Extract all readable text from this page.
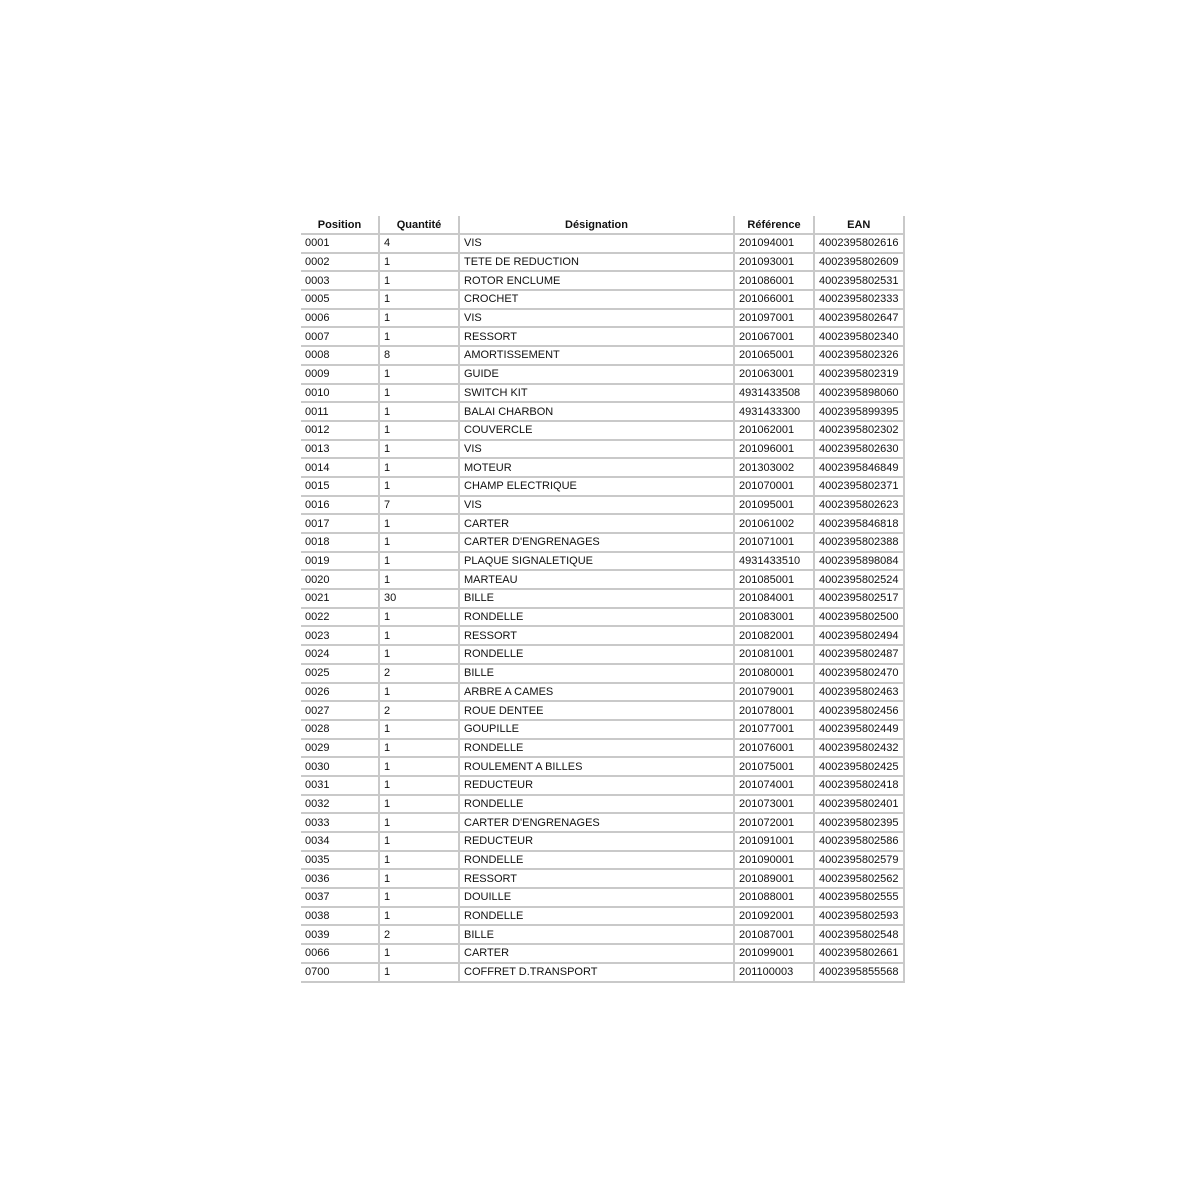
Position	Quantité	Désignation	Référence	EAN
0001	4	VIS	201094001	4002395802616
0002	1	TETE DE REDUCTION	201093001	4002395802609
0003	1	ROTOR ENCLUME	201086001	4002395802531
0005	1	CROCHET	201066001	4002395802333
0006	1	VIS	201097001	4002395802647
0007	1	RESSORT	201067001	4002395802340
0008	8	AMORTISSEMENT	201065001	4002395802326
0009	1	GUIDE	201063001	4002395802319
0010	1	SWITCH KIT	4931433508	4002395898060
0011	1	BALAI CHARBON	4931433300	4002395899395
0012	1	COUVERCLE	201062001	4002395802302
0013	1	VIS	201096001	4002395802630
0014	1	MOTEUR	201303002	4002395846849
0015	1	CHAMP ELECTRIQUE	201070001	4002395802371
0016	7	VIS	201095001	4002395802623
0017	1	CARTER	201061002	4002395846818
0018	1	CARTER D'ENGRENAGES	201071001	4002395802388
0019	1	PLAQUE SIGNALETIQUE	4931433510	4002395898084
0020	1	MARTEAU	201085001	4002395802524
0021	30	BILLE	201084001	4002395802517
0022	1	RONDELLE	201083001	4002395802500
0023	1	RESSORT	201082001	4002395802494
0024	1	RONDELLE	201081001	4002395802487
0025	2	BILLE	201080001	4002395802470
0026	1	ARBRE A CAMES	201079001	4002395802463
0027	2	ROUE DENTEE	201078001	4002395802456
0028	1	GOUPILLE	201077001	4002395802449
0029	1	RONDELLE	201076001	4002395802432
0030	1	ROULEMENT A BILLES	201075001	4002395802425
0031	1	REDUCTEUR	201074001	4002395802418
0032	1	RONDELLE	201073001	4002395802401
0033	1	CARTER D'ENGRENAGES	201072001	4002395802395
0034	1	REDUCTEUR	201091001	4002395802586
0035	1	RONDELLE	201090001	4002395802579
0036	1	RESSORT	201089001	4002395802562
0037	1	DOUILLE	201088001	4002395802555
0038	1	RONDELLE	201092001	4002395802593
0039	2	BILLE	201087001	4002395802548
0066	1	CARTER	201099001	4002395802661
0700	1	COFFRET D.TRANSPORT	201100003	4002395855568
